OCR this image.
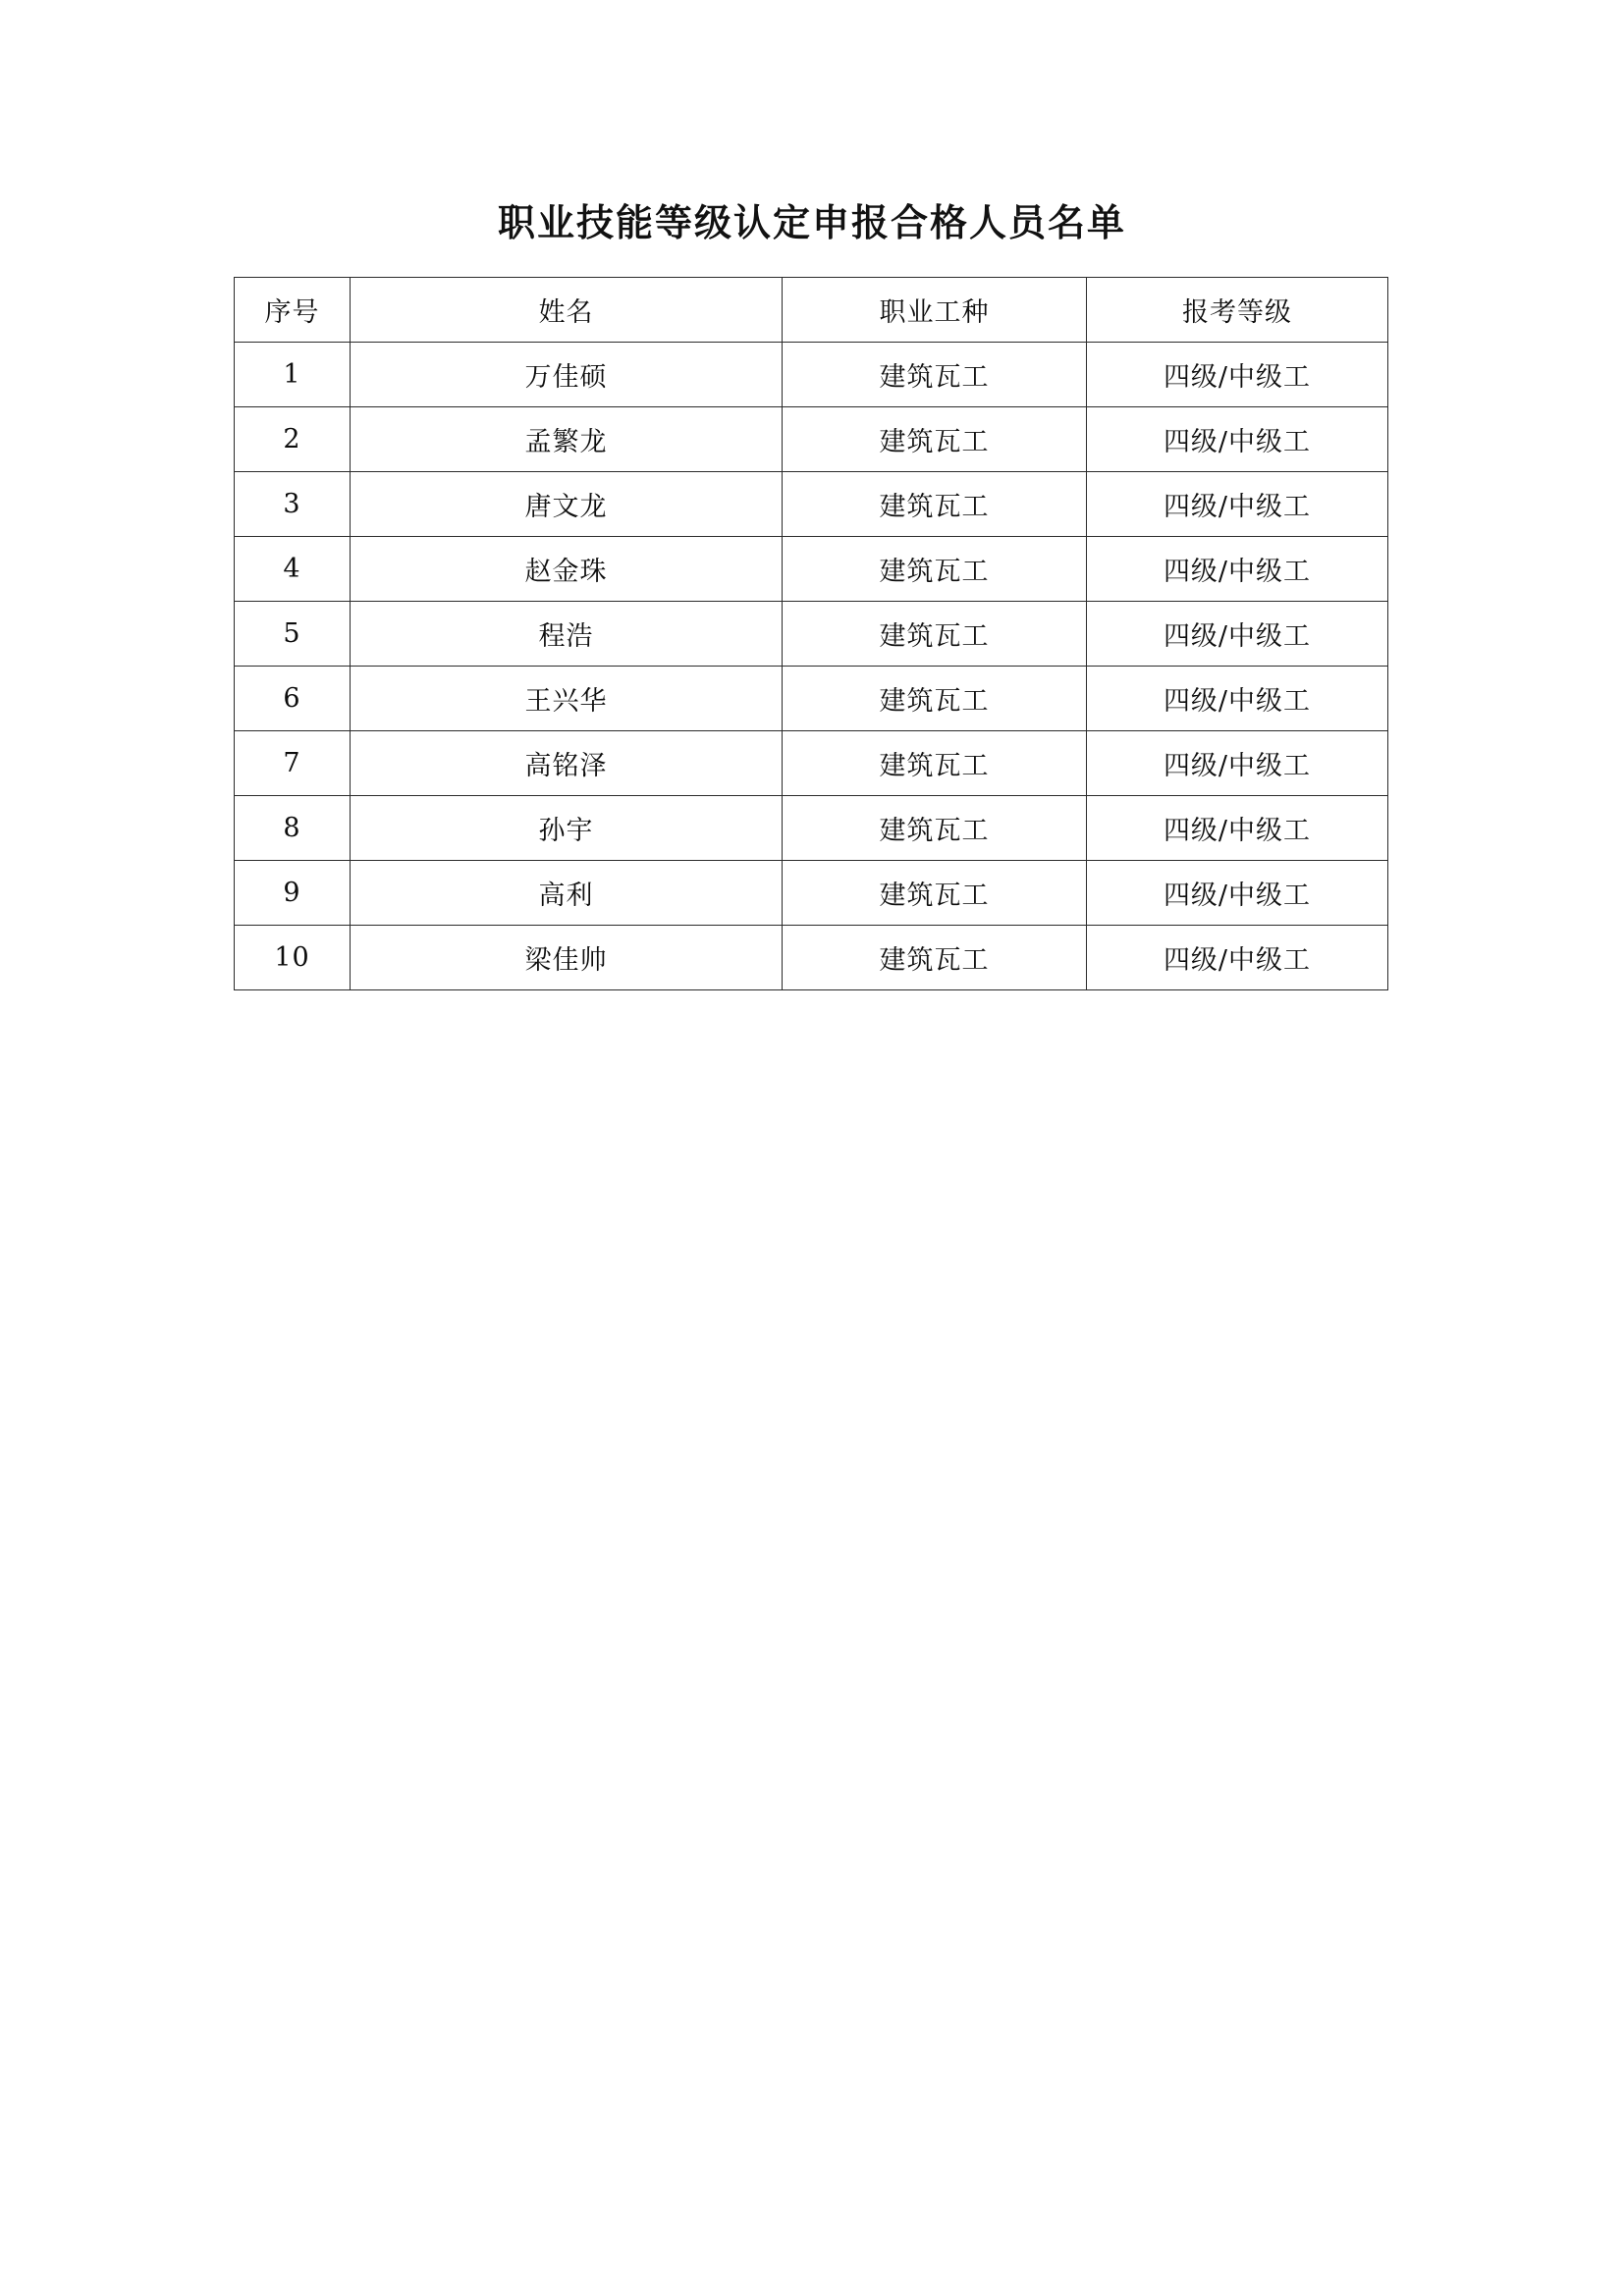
职业技能等级认定申报合格人员名单
序号	姓名	职业工种	报考等级
1	万佳硕	建筑瓦工	四级/中级工
2	孟繁龙	建筑瓦工	四级/中级工
3	唐文龙	建筑瓦工	四级/中级工
4	赵金珠	建筑瓦工	四级/中级工
5	程浩	建筑瓦工	四级/中级工
6	王兴华	建筑瓦工	四级/中级工
7	高铭泽	建筑瓦工	四级/中级工
8	孙宇	建筑瓦工	四级/中级工
9	高利	建筑瓦工	四级/中级工
10	梁佳帅	建筑瓦工	四级/中级工
